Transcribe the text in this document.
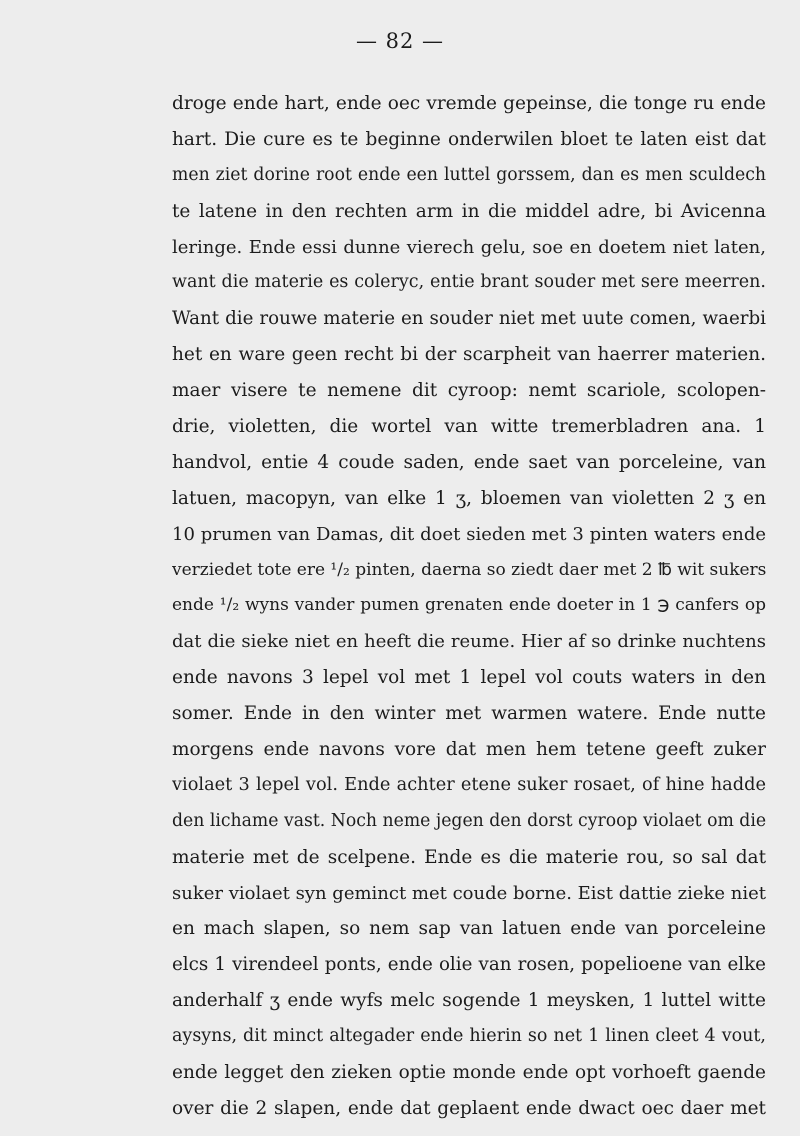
— 82 —
droge ende hart, ende oec vremde gepeinse, die tonge ru ende
hart. Die cure es te beginne onderwilen bloet te laten eist dat
men ziet dorine root ende een luttel gorssem, dan es men sculdech
te latene in den rechten arm in die middel adre, bi Avicenna
leringe. Ende essi dunne vierech gelu, soe en doetem niet laten,
want die materie es coleryc, entie brant souder met sere meerren.
Want die rouwe materie en souder niet met uute comen, waerbi
het en ware geen recht bi der scarpheit van haerrer materien.
maer visere te nemene dit cyroop: nemt scariole, scolopen-
drie, violetten, die wortel van witte tremerbladren ana. 1
handvol, entie 4 coude saden, ende saet van porceleine, van
latuen, macopyn, van elke 1 ʒ, bloemen van violetten 2 ʒ en
10 prumen van Damas, dit doet sieden met 3 pinten waters ende
verziedet tote ere ¹/₂ pinten, daerna so ziedt daer met 2 ℔ wit sukers
ende ¹/₂ wyns vander pumen grenaten ende doeter in 1 ℈ canfers op
dat die sieke niet en heeft die reume. Hier af so drinke nuchtens
ende navons 3 lepel vol met 1 lepel vol couts waters in den
somer. Ende in den winter met warmen watere. Ende nutte
morgens ende navons vore dat men hem tetene geeft zuker
violaet 3 lepel vol. Ende achter etene suker rosaet, of hine hadde
den lichame vast. Noch neme jegen den dorst cyroop violaet om die
materie met de scelpene. Ende es die materie rou, so sal dat
suker violaet syn geminct met coude borne. Eist dattie zieke niet
en mach slapen, so nem sap van latuen ende van porceleine
elcs 1 virendeel ponts, ende olie van rosen, popelioene van elke
anderhalf ʒ ende wyfs melc sogende 1 meysken, 1 luttel witte
aysyns, dit minct altegader ende hierin so net 1 linen cleet 4 vout,
ende legget den zieken optie monde ende opt vorhoeft gaende
over die 2 slapen, ende dat geplaent ende dwact oec daer met
